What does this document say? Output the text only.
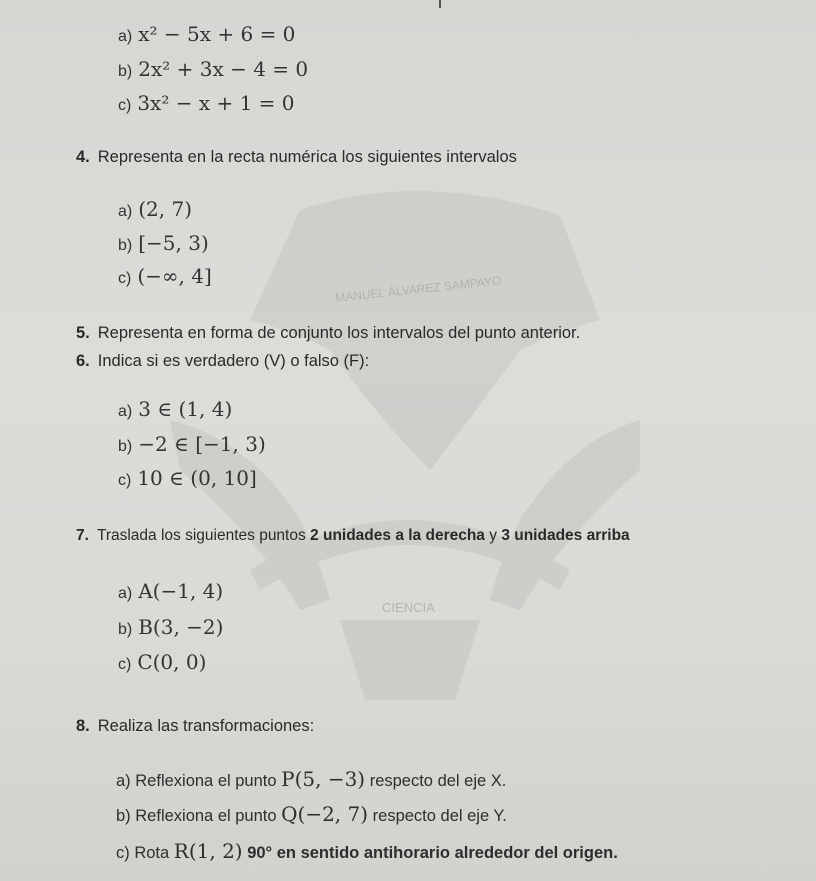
MANUEL ÁLVAREZ SAMPAYO
CIENCIA
a) x² − 5x + 6 = 0
b) 2x² + 3x − 4 = 0
c) 3x² − x + 1 = 0
4. Representa en la recta numérica los siguientes intervalos
a) (2, 7)
b) [−5, 3)
c) (−∞, 4]
5. Representa en forma de conjunto los intervalos del punto anterior.
6. Indica si es verdadero (V) o falso (F):
a) 3 ∈ (1, 4)
b) −2 ∈ [−1, 3)
c) 10 ∈ (0, 10]
7. Traslada los siguientes puntos 2 unidades a la derecha y 3 unidades arriba
a) A(−1, 4)
b) B(3, −2)
c) C(0, 0)
8. Realiza las transformaciones:
a) Reflexiona el punto P(5, −3) respecto del eje X.
b) Reflexiona el punto Q(−2, 7) respecto del eje Y.
c) Rota R(1, 2) 90° en sentido antihorario alrededor del origen.
